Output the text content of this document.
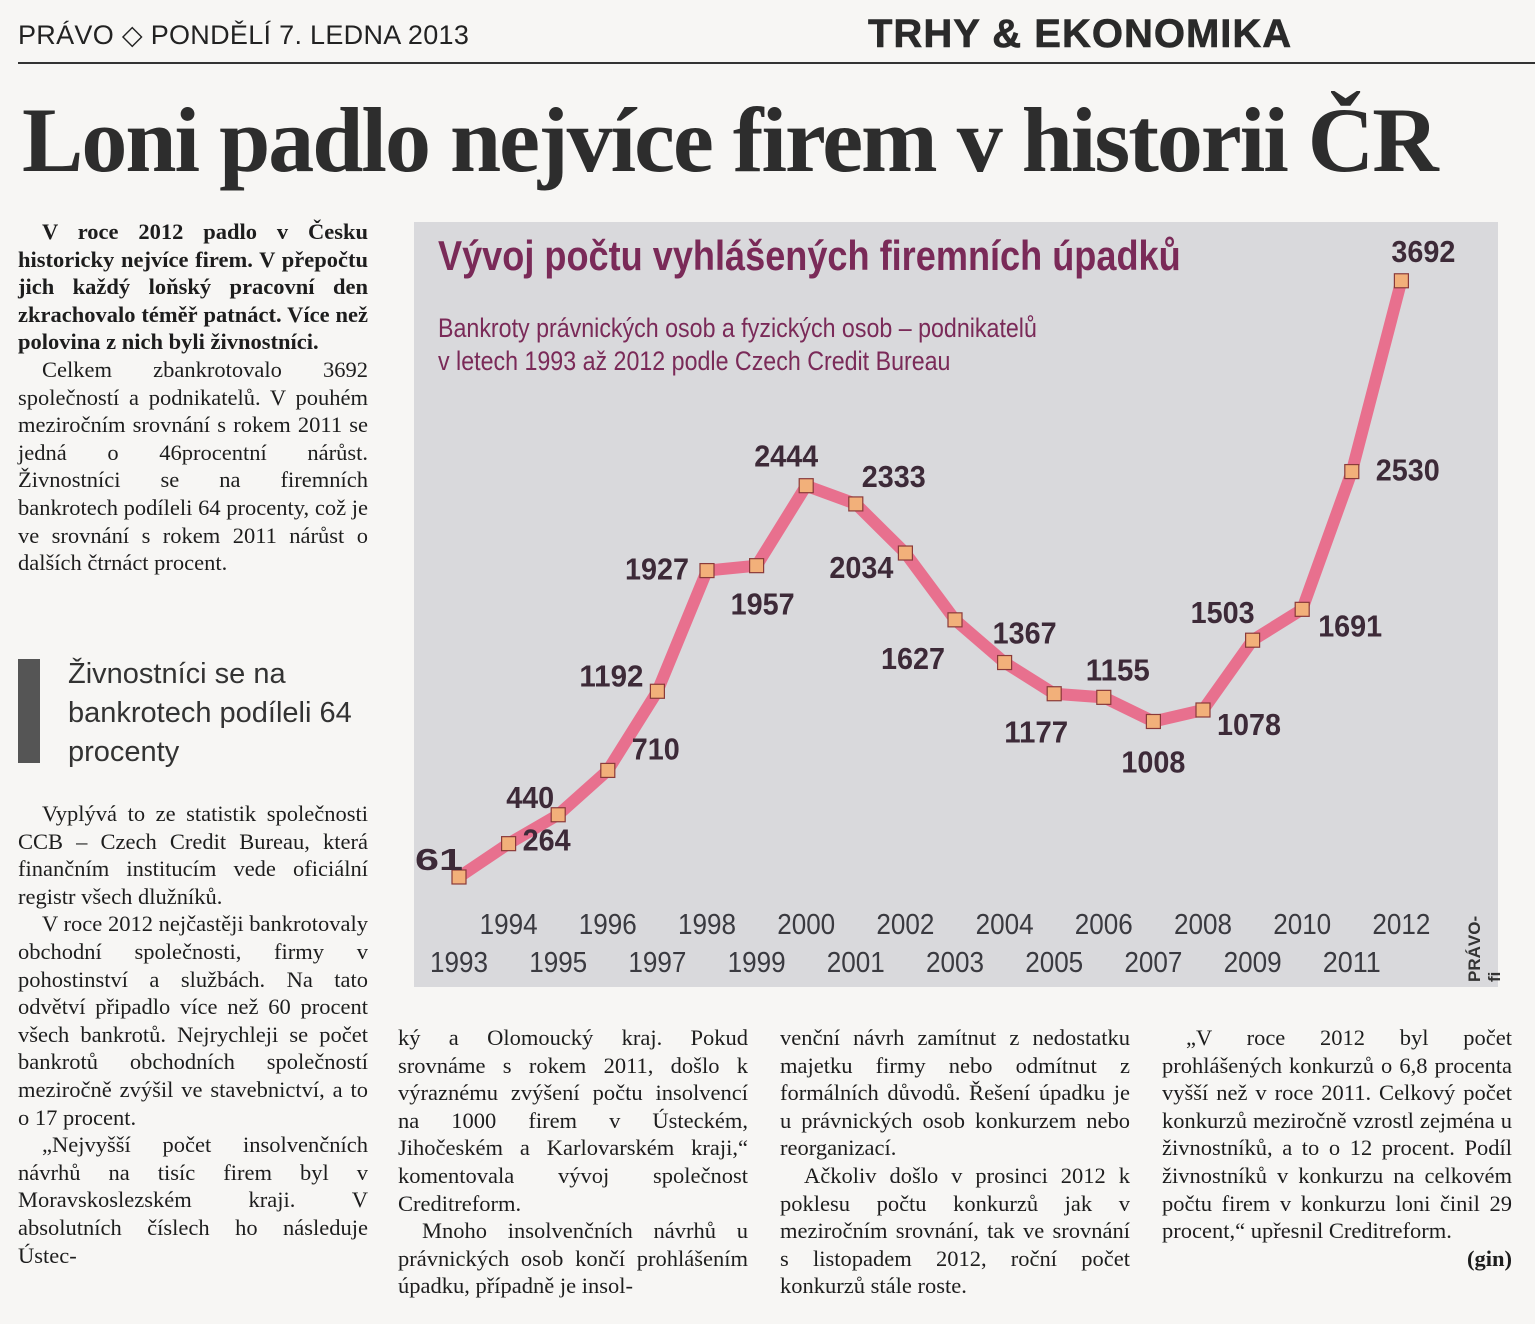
PRÁVO ◇ PONDĚLÍ 7. LEDNA 2013	TRHY & EKONOMIKA
Loni padlo nejvíce firem v historii ČR

V roce 2012 padlo v Česku historicky nejvíce firem. V přepočtu jich každý loňský pracovní den zkrachovalo téměř patnáct. Více než polovina z nich byli živnostníci.

Celkem zbankrotovalo 3692 společností a podnikatelů. V pouhém meziročním srovnání s rokem 2011 se jedná o 46procentní nárůst. Živnostníci se na firemních bankrotech podíleli 64 procenty, což je ve srovnání s rokem 2011 nárůst o dalších čtrnáct procent.

Živnostníci se na bankrotech podíleli 64 procenty

Vyplývá to ze statistik společnosti CCB – Czech Credit Bureau, která finančním institucím vede oficiální registr všech dlužníků.

V roce 2012 nejčastěji bankrotovaly obchodní společnosti, firmy v pohostinství a službách. Na tato odvětví připadlo více než 60 procent všech bankrotů. Nejrychleji se počet bankrotů obchodních společností meziročně zvýšil ve stavebnictví, a to o 17 procent.

„Nejvyšší počet insolvenčních návrhů na tisíc firem byl v Moravskoslezském kraji. V absolutních číslech ho následuje Ústec-

Vývoj počtu vyhlášených firemních úpadků
Bankroty právnických osob a fyzických osob – podnikatelů
v letech 1993 až 2012 podle Czech Credit Bureau
61
1993
264
1994
440
1995
710
1996
1192
1997
1927
1998
1957
1999
2444
2000
2333
2001
2034
2002
1627
2003
1367
2004
1177
2005
1155
2006
1008
2007
1078
2008
1503
2009
1691
2010
2530
2011
3692
2012 PRÁVO-fi

ký a Olomoucký kraj. Pokud srovnáme s rokem 2011, došlo k výraznému zvýšení počtu insolvencí na 1000 firem v Ústeckém, Jihočeském a Karlovarském kraji,“ komentovala vývoj společnost Creditreform.

Mnoho insolvenčních návrhů u právnických osob končí prohlášením úpadku, případně je insol-

venční návrh zamítnut z nedostatku majetku firmy nebo odmítnut z formálních důvodů. Řešení úpadku je u právnických osob konkurzem nebo reorganizací.

Ačkoliv došlo v prosinci 2012 k poklesu počtu konkurzů jak v meziročním srovnání, tak ve srovnání s listopadem 2012, roční počet konkurzů stále roste.

„V roce 2012 byl počet prohlášených konkurzů o 6,8 procenta vyšší než v roce 2011. Celkový počet konkurzů meziročně vzrostl zejména u živnostníků, a to o 12 procent. Podíl živnostníků v konkurzu na celkovém počtu firem v konkurzu loni činil 29 procent,“ upřesnil Creditreform.
(gin)
